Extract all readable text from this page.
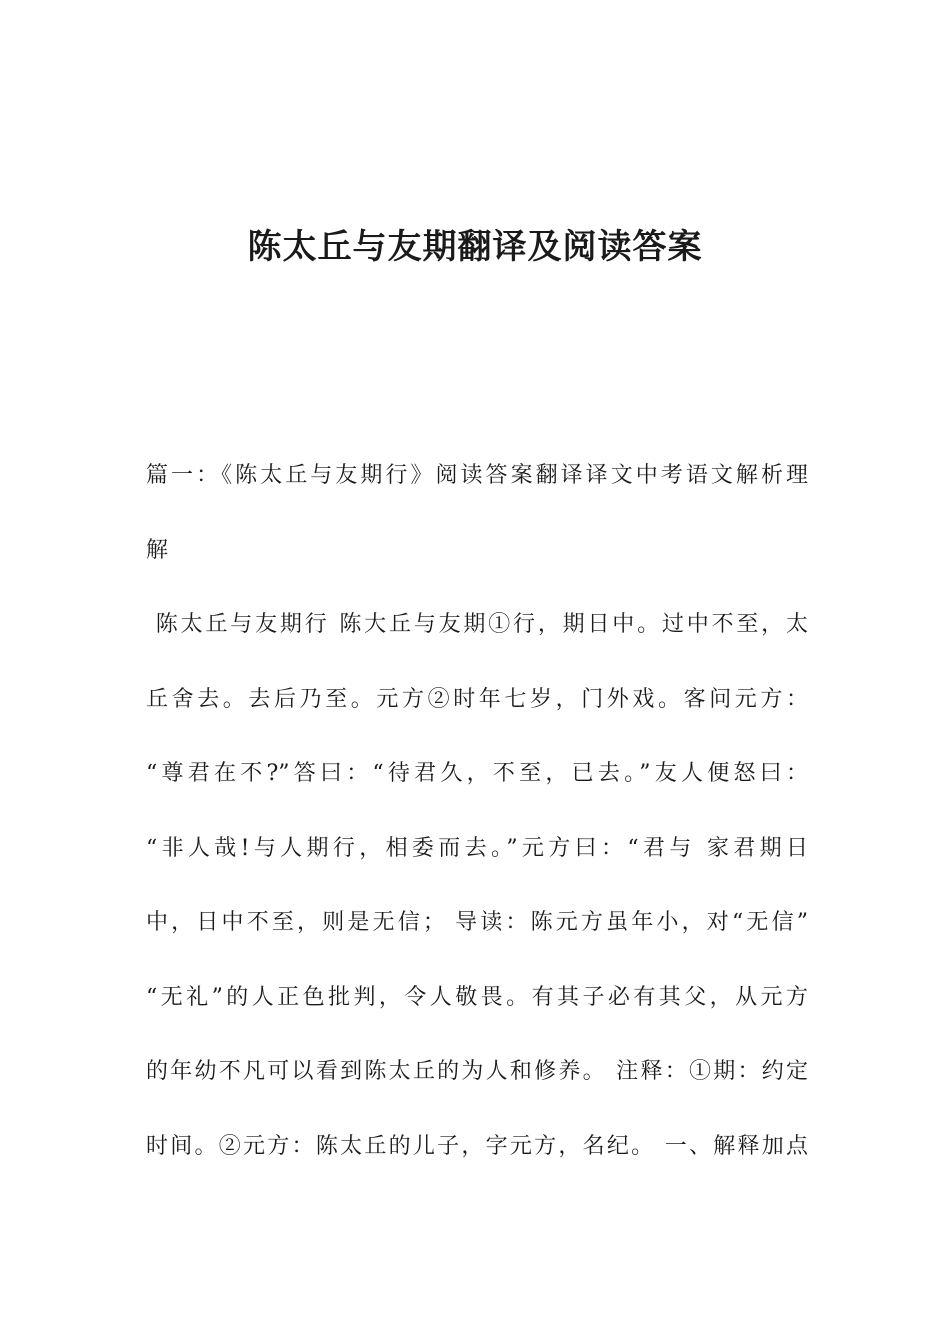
陈太丘与友期翻译及阅读答案
篇一：《陈太丘与友期行》阅读答案翻译译文中考语文解析理
解
陈太丘与友期行 陈大丘与友期①行，期日中。过中不至，太
丘舍去。去后乃至。元方②时年七岁，门外戏。客问元方：
“尊君在不?”答曰：“待君久，不至，已去。”友人便怒曰：
“非人哉!与人期行，相委而去。”元方曰：“君与 家君期日
中，日中不至，则是无信； 导读：陈元方虽年小，对“无信”
“无礼”的人正色批判，令人敬畏。有其子必有其父，从元方
的年幼不凡可以看到陈太丘的为人和修养。 注释：①期：约定
时间。②元方：陈太丘的儿子，字元方，名纪。 一、解释加点
